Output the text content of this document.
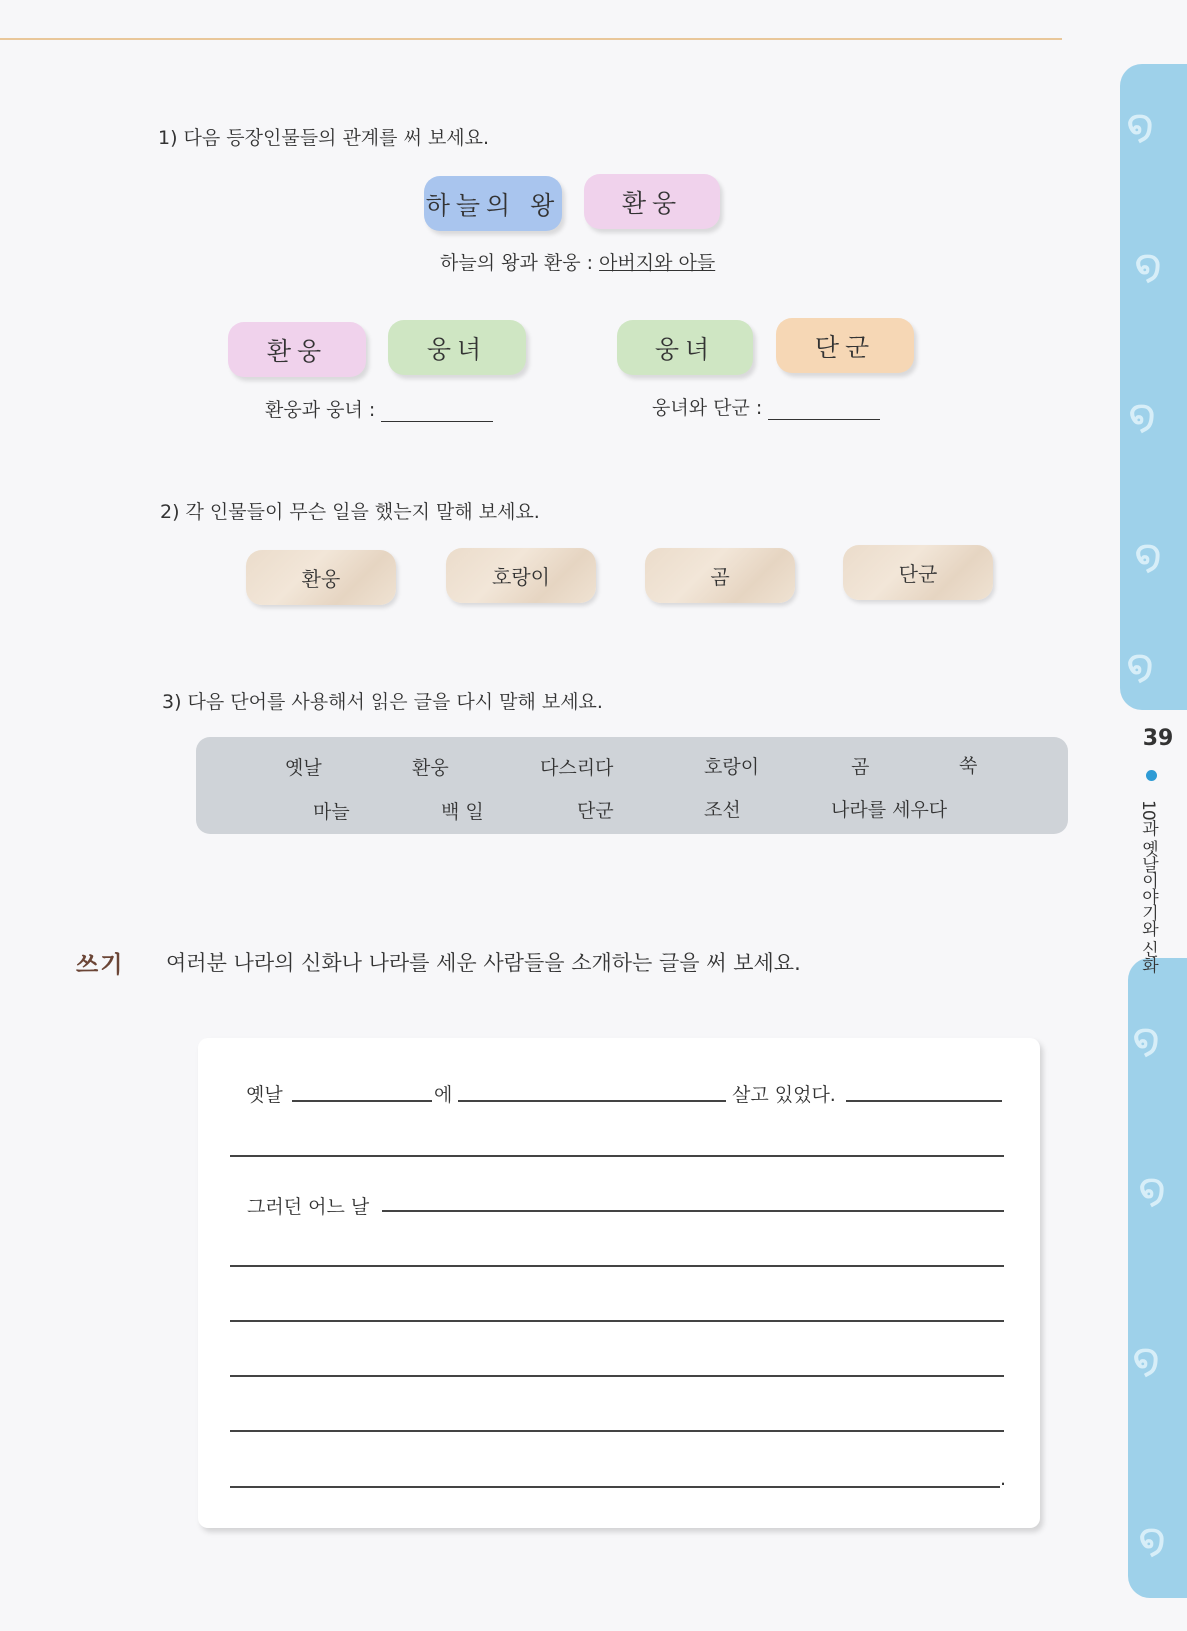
໑
໑
໑
໑
໑
໑
໑
໑
໑
39
10과 옛날이야기와 신화
1) 다음 등장인물들의 관계를 써 보세요.
하늘의 왕	환웅
하늘의 왕과 환웅 : 아버지와 아들
환웅	웅녀
환웅과 웅녀 :
웅녀	단군
웅녀와 단군 :
2) 각 인물들이 무슨 일을 했는지 말해 보세요.
환웅	호랑이	곰	단군
3) 다음 단어를 사용해서 읽은 글을 다시 말해 보세요.
옛날	환웅	다스리다	호랑이	곰	쑥
마늘	백 일	단군	조선	나라를 세우다
쓰기 여러분 나라의 신화나 나라를 세운 사람들을 소개하는 글을 써 보세요.
옛날	에	살고 있었다.
그러던 어느 날
.
